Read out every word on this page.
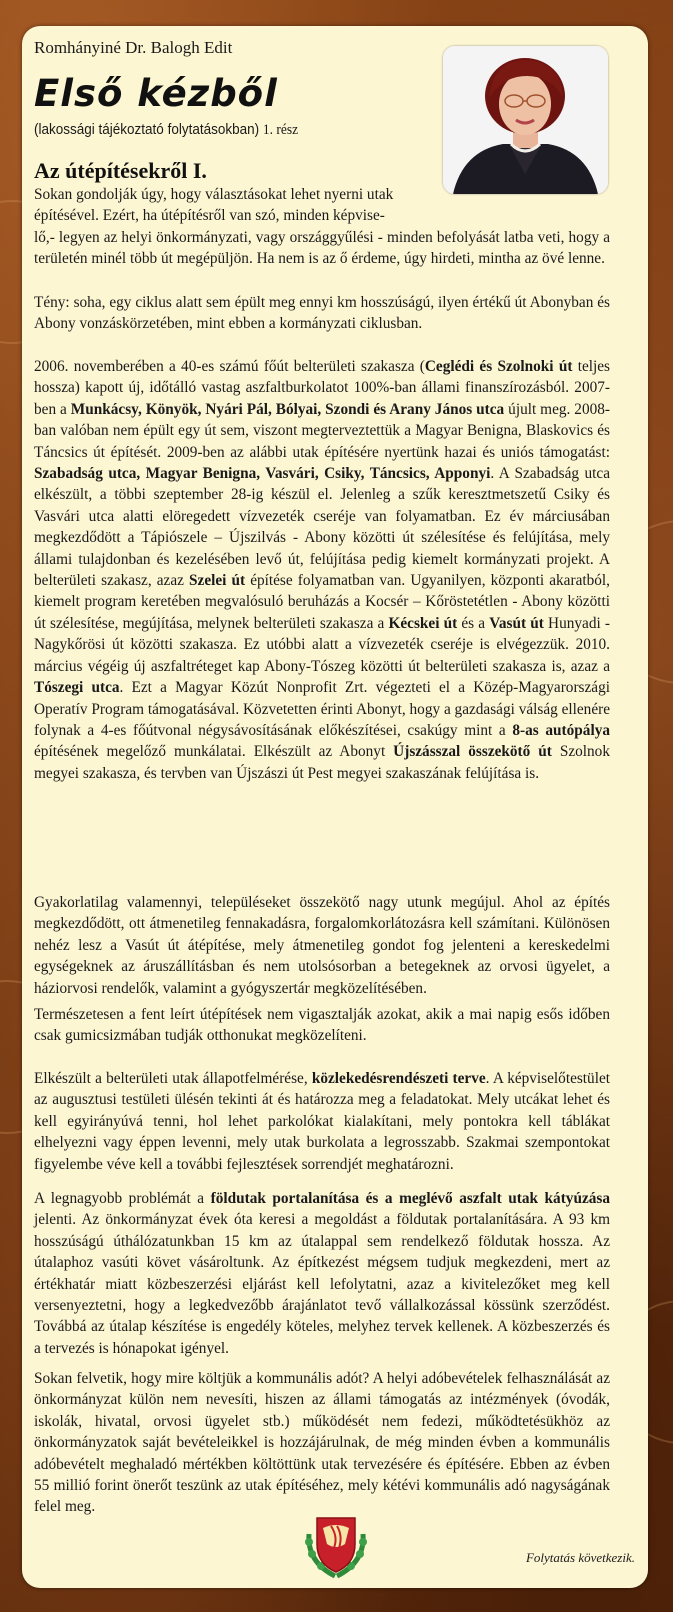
Romhányiné Dr. Balogh Edit
Első kézből
(lakossági tájékoztató folytatásokban) 1. rész
Az útépítésekről I.
Sokan gondolják úgy, hogy választásokat lehet nyerni utak
építésével. Ezért, ha útépítésről van szó, minden képvise-
lő,- legyen az helyi önkormányzati, vagy országgyűlési - minden befolyását latba veti, hogy a területén minél több út megépüljön. Ha nem is az ő érdeme, úgy hirdeti, mintha az övé lenne.
Tény: soha, egy ciklus alatt sem épült meg ennyi km hosszúságú, ilyen értékű út Abonyban és Abony vonzáskörzetében, mint ebben a kormányzati ciklusban.
2006. novemberében a 40-es számú főút belterületi szakasza (Ceglédi és Szolnoki út teljes hossza) kapott új, időtálló vastag aszfaltburkolatot 100%-ban állami finanszírozásból. 2007-ben a Munkácsy, Könyök, Nyári Pál, Bólyai, Szondi és Arany János utca újult meg. 2008-ban valóban nem épült egy út sem, viszont megterveztettük a Magyar Benigna, Blaskovics és Táncsics út építését. 2009-ben az alábbi utak építésére nyertünk hazai és uniós támogatást: Szabadság utca, Magyar Benigna, Vasvári, Csiky, Táncsics, Apponyi. A Szabadság utca elkészült, a többi szeptember 28-ig készül el. Jelenleg a szűk keresztmetszetű Csiky és Vasvári utca alatti elöregedett vízvezeték cseréje van folyamatban. Ez év márciusában megkezdődött a Tápiószele – Újszilvás - Abony közötti út szélesítése és felújítása, mely állami tulajdonban és kezelésében levő út, felújítása pedig kiemelt kormányzati projekt. A belterületi szakasz, azaz Szelei út építése folyamatban van. Ugyanilyen, központi akaratból, kiemelt program keretében megvalósuló beruházás a Kocsér – Kőröstetétlen - Abony közötti út szélesítése, megújítása, melynek belterületi szakasza a Kécskei út és a Vasút út Hunyadi - Nagykőrösi út közötti szakasza. Ez utóbbi alatt a vízvezeték cseréje is elvégezzük. 2010. március végéig új aszfaltréteget kap Abony-Tószeg közötti út belterületi szakasza is, azaz a Tószegi utca. Ezt a Magyar Közút Nonprofit Zrt. végezteti el a Közép-Magyarországi Operatív Program támogatásával. Közvetetten érinti Abonyt, hogy a gazdasági válság ellenére folynak a 4-es főútvonal négysávosításának előkészítései, csakúgy mint a 8-as autópálya építésének megelőző munkálatai. Elkészült az Abonyt Újszásszal összekötő út Szolnok megyei szakasza, és tervben van Újszászi út Pest megyei szakaszának felújítása is.
Gyakorlatilag valamennyi, településeket összekötő nagy utunk megújul. Ahol az építés megkezdődött, ott átmenetileg fennakadásra, forgalomkorlátozásra kell számítani. Különösen nehéz lesz a Vasút út átépítése, mely átmenetileg gondot fog jelenteni a kereskedelmi egységeknek az áruszállításban és nem utolsósorban a betegeknek az orvosi ügyelet, a háziorvosi rendelők, valamint a gyógyszertár megközelítésében.
Természetesen a fent leírt útépítések nem vigasztalják azokat, akik a mai napig esős időben csak gumicsizmában tudják otthonukat megközelíteni.
Elkészült a belterületi utak állapotfelmérése, közlekedésrendészeti terve. A képviselőtestület az augusztusi testületi ülésén tekinti át és határozza meg a feladatokat. Mely utcákat lehet és kell egyirányúvá tenni, hol lehet parkolókat kialakítani, mely pontokra kell táblákat elhelyezni vagy éppen levenni, mely utak burkolata a legrosszabb. Szakmai szempontokat figyelembe véve kell a további fejlesztések sorrendjét meghatározni.
A legnagyobb problémát a földutak portalanítása és a meglévő aszfalt utak kátyúzása jelenti. Az önkormányzat évek óta keresi a megoldást a földutak portalanítására. A 93 km hosszúságú úthálózatunkban 15 km az útalappal sem rendelkező földutak hossza. Az útalaphoz vasúti követ vásároltunk. Az építkezést mégsem tudjuk megkezdeni, mert az értékhatár miatt közbeszerzési eljárást kell lefolytatni, azaz a kivitelezőket meg kell versenyeztetni, hogy a legkedvezőbb árajánlatot tevő vállalkozással kössünk szerződést. Továbbá az útalap készítése is engedély köteles, melyhez tervek kellenek. A közbeszerzés és a tervezés is hónapokat igényel.
Sokan felvetik, hogy mire költjük a kommunális adót? A helyi adóbevételek felhasználását az önkormányzat külön nem nevesíti, hiszen az állami támogatás az intézmények (óvodák, iskolák, hivatal, orvosi ügyelet stb.) működését nem fedezi, működtetésükhöz az önkormányzatok saját bevételeikkel is hozzájárulnak, de még minden évben a kommunális adóbevételt meghaladó mértékben költöttünk utak tervezésére és építésére. Ebben az évben 55 millió forint önerőt teszünk az utak építéséhez, mely kétévi kommunális adó nagyságának felel meg.
Folytatás következik.
